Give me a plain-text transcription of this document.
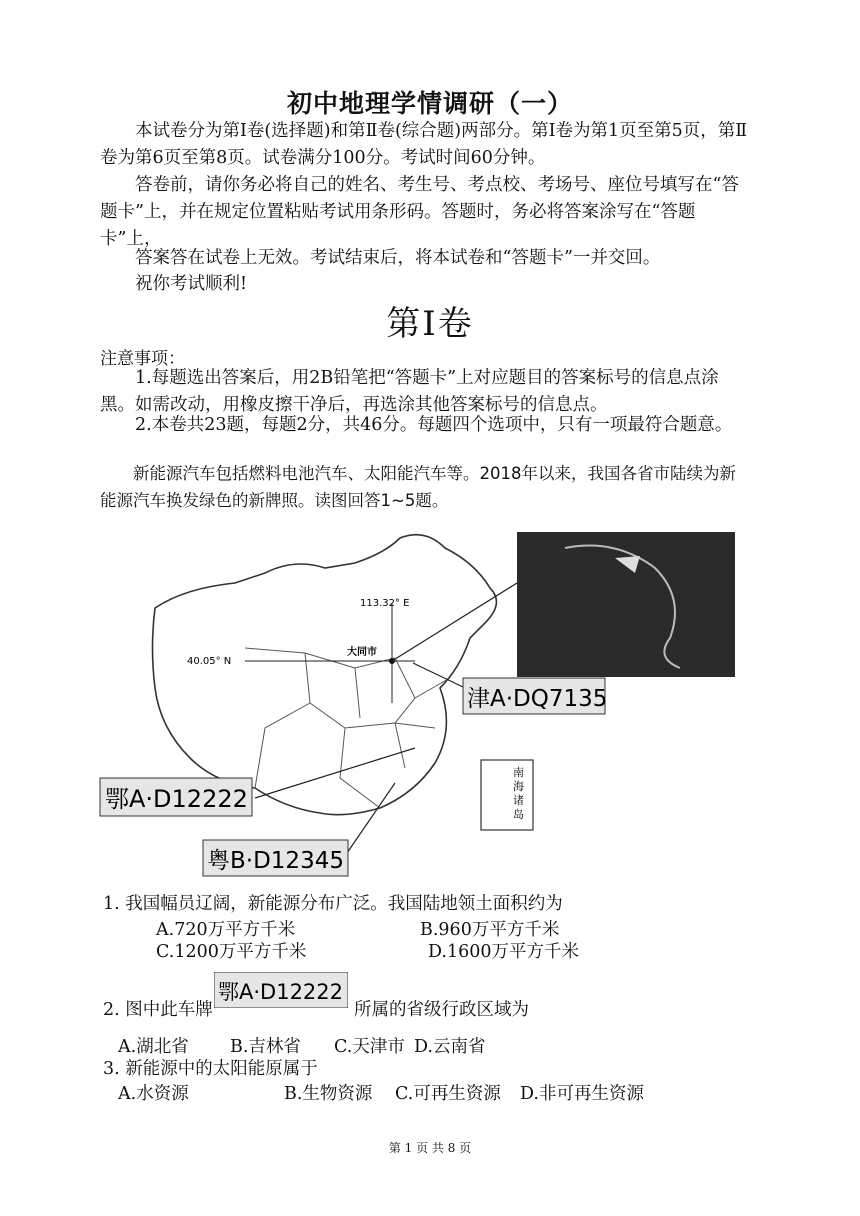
初中地理学情调研（一）
本试卷分为第Ⅰ卷(选择题)和第Ⅱ卷(综合题)两部分。第Ⅰ卷为第1页至第5页，第Ⅱ卷为第6页至第8页。试卷满分100分。考试时间60分钟。
答卷前，请你务必将自己的姓名、考生号、考点校、考场号、座位号填写在“答题卡”上，并在规定位置粘贴考试用条形码。答题时，务必将答案涂写在“答题卡”上，
答案答在试卷上无效。考试结束后，将本试卷和“答题卡”一并交回。
祝你考试顺利!
第Ⅰ卷
注意事项：
1.每题选出答案后，用2B铅笔把“答题卡”上对应题目的答案标号的信息点涂黑。如需改动，用橡皮擦干净后，再选涂其他答案标号的信息点。
2.本卷共23题，每题2分，共46分。每题四个选项中，只有一项最符合题意。
新能源汽车包括燃料电池汽车、太阳能汽车等。2018年以来，我国各省市陆续为新能源汽车换发绿色的新牌照。读图回答1~5题。
113.32° E
40.05° N
大同市
南 海 诸 岛
津A·DQ7135
鄂A·D12222
粤B·D12345
1. 我国幅员辽阔，新能源分布广泛。我国陆地领土面积约为
A.720万平方千米	B.960万平方千米
C.1200万平方千米	D.1600万平方千米
2. 图中此车牌
鄂A·D12222
所属的省级行政区域为
A.湖北省 B.吉林省 C.天津市 D.云南省
3. 新能源中的太阳能原属于
A.水资源	B.生物资源 C.可再生资源 D.非可再生资源
第 1 页 共 8 页
